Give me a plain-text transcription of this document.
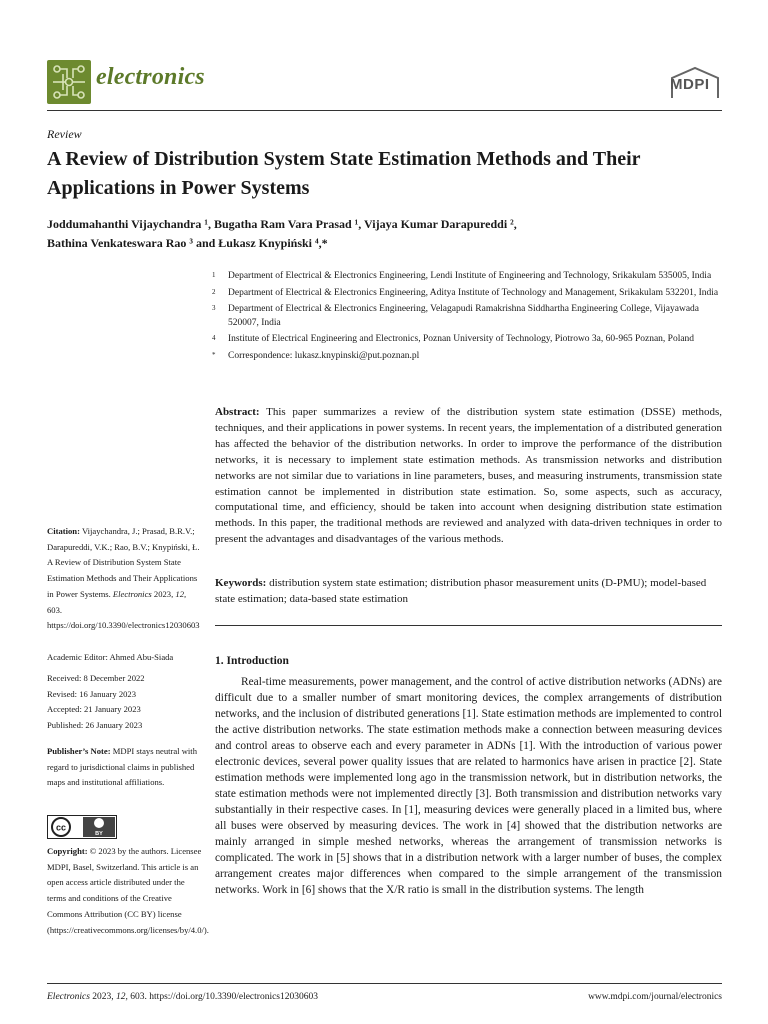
electronics	MDPI
Review
A Review of Distribution System State Estimation Methods and Their Applications in Power Systems
Joddumahanthi Vijaychandra ¹, Bugatha Ram Vara Prasad ¹, Vijaya Kumar Darapureddi ²,
Bathina Venkateswara Rao ³ and Łukasz Knypiński ⁴,*
1 Department of Electrical & Electronics Engineering, Lendi Institute of Engineering and Technology, Srikakulam 535005, India
2 Department of Electrical & Electronics Engineering, Aditya Institute of Technology and Management, Srikakulam 532201, India
3 Department of Electrical & Electronics Engineering, Velagapudi Ramakrishna Siddhartha Engineering College, Vijayawada 520007, India
4 Institute of Electrical Engineering and Electronics, Poznan University of Technology, Piotrowo 3a, 60-965 Poznan, Poland
* Correspondence: lukasz.knypinski@put.poznan.pl
Abstract: This paper summarizes a review of the distribution system state estimation (DSSE) methods, techniques, and their applications in power systems. In recent years, the implementation of a distributed generation has affected the behavior of the distribution networks. In order to improve the performance of the distribution networks, it is necessary to implement state estimation methods. As transmission networks and distribution networks are not similar due to variations in line parameters, buses, and measuring instruments, transmission state estimation cannot be implemented in distribution state estimation. So, some aspects, such as accuracy, computational time, and efficiency, should be taken into account when designing distribution state estimation methods. In this paper, the traditional methods are reviewed and analyzed with data-driven techniques in order to present the advantages and disadvantages of the various methods.
Keywords: distribution system state estimation; distribution phasor measurement units (D-PMU); model-based state estimation; data-based state estimation
Citation: Vijaychandra, J.; Prasad, B.R.V.; Darapureddi, V.K.; Rao, B.V.; Knypiński, Ł. A Review of Distribution System State Estimation Methods and Their Applications in Power Systems. Electronics 2023, 12, 603. https://doi.org/10.3390/electronics12030603
Academic Editor: Ahmed Abu-Siada
Received: 8 December 2022
Revised: 16 January 2023
Accepted: 21 January 2023
Published: 26 January 2023
Publisher’s Note: MDPI stays neutral with regard to jurisdictional claims in published maps and institutional affiliations.
cc
BY
Copyright: © 2023 by the authors. Licensee MDPI, Basel, Switzerland. This article is an open access article distributed under the terms and conditions of the Creative Commons Attribution (CC BY) license (https://creativecommons.org/licenses/by/4.0/).
1. Introduction
Real-time measurements, power management, and the control of active distribution networks (ADNs) are difficult due to a smaller number of smart monitoring devices, the complex arrangements of distribution networks, and the inclusion of distributed generations [1]. State estimation methods are implemented to control the active distribution networks. The state estimation methods make a connection between measuring devices and control areas to observe each and every parameter in ADNs [1]. With the introduction of various power electronic devices, several power quality issues that are related to harmonics have arisen in practice [2]. State estimation methods were implemented long ago in the transmission network, but in distribution networks, the state estimation methods were not implemented directly [3]. Both transmission and distribution networks vary substantially in their respective cases. In [1], measuring devices were generally placed in a limited bus, where all buses were observed by measuring devices. The work in [4] showed that the distribution networks are mainly arranged in simple meshed networks, whereas the arrangement of transmission networks is complicated. The work in [5] shows that in a distribution network with a larger number of buses, the complex arrangement creates major differences when compared to the simple arrangement of the transmission networks. Work in [6] shows that the X/R ratio is small in the distribution systems. The length
Electronics 2023, 12, 603. https://doi.org/10.3390/electronics12030603	www.mdpi.com/journal/electronics
